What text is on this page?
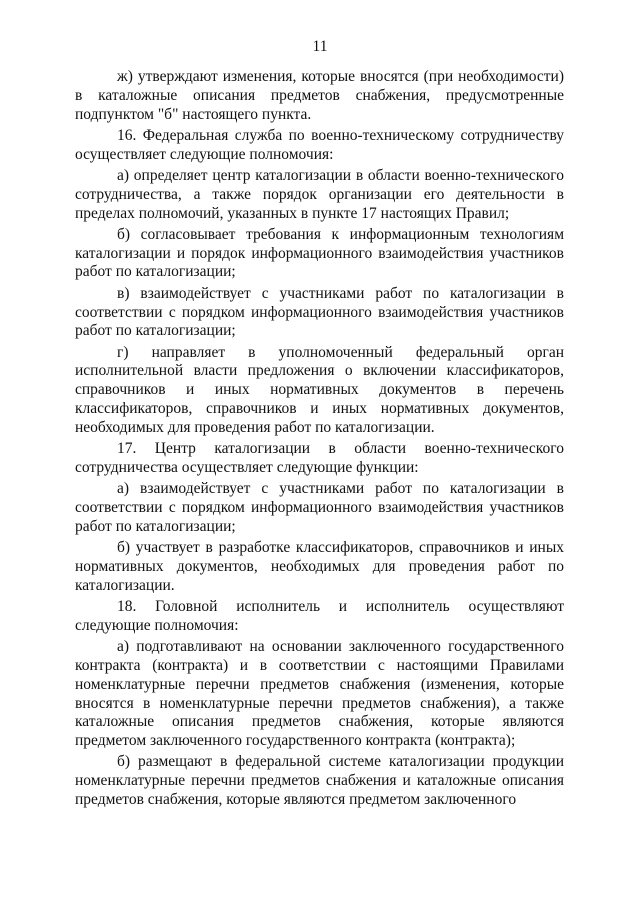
11

ж) утверждают изменения, которые вносятся (при необходимости) в каталожные описания предметов снабжения, предусмотренные подпунктом "б" настоящего пункта.

16. Федеральная служба по военно-техническому сотрудничеству осуществляет следующие полномочия:

а) определяет центр каталогизации в области военно-технического сотрудничества, а также порядок организации его деятельности в пределах полномочий, указанных в пункте 17 настоящих Правил;

б) согласовывает требования к информационным технологиям каталогизации и порядок информационного взаимодействия участников работ по каталогизации;

в) взаимодействует с участниками работ по каталогизации в соответствии с порядком информационного взаимодействия участников работ по каталогизации;

г) направляет в уполномоченный федеральный орган исполнительной власти предложения о включении классификаторов, справочников и иных нормативных документов в перечень классификаторов, справочников и иных нормативных документов, необходимых для проведения работ по каталогизации.

17. Центр каталогизации в области военно-технического сотрудничества осуществляет следующие функции:

а) взаимодействует с участниками работ по каталогизации в соответствии с порядком информационного взаимодействия участников работ по каталогизации;

б) участвует в разработке классификаторов, справочников и иных нормативных документов, необходимых для проведения работ по каталогизации.

18. Головной исполнитель и исполнитель осуществляют следующие полномочия:

а) подготавливают на основании заключенного государственного контракта (контракта) и в соответствии с настоящими Правилами номенклатурные перечни предметов снабжения (изменения, которые вносятся в номенклатурные перечни предметов снабжения), а также каталожные описания предметов снабжения, которые являются предметом заключенного государственного контракта (контракта);

б) размещают в федеральной системе каталогизации продукции номенклатурные перечни предметов снабжения и каталожные описания предметов снабжения, которые являются предметом заключенного
